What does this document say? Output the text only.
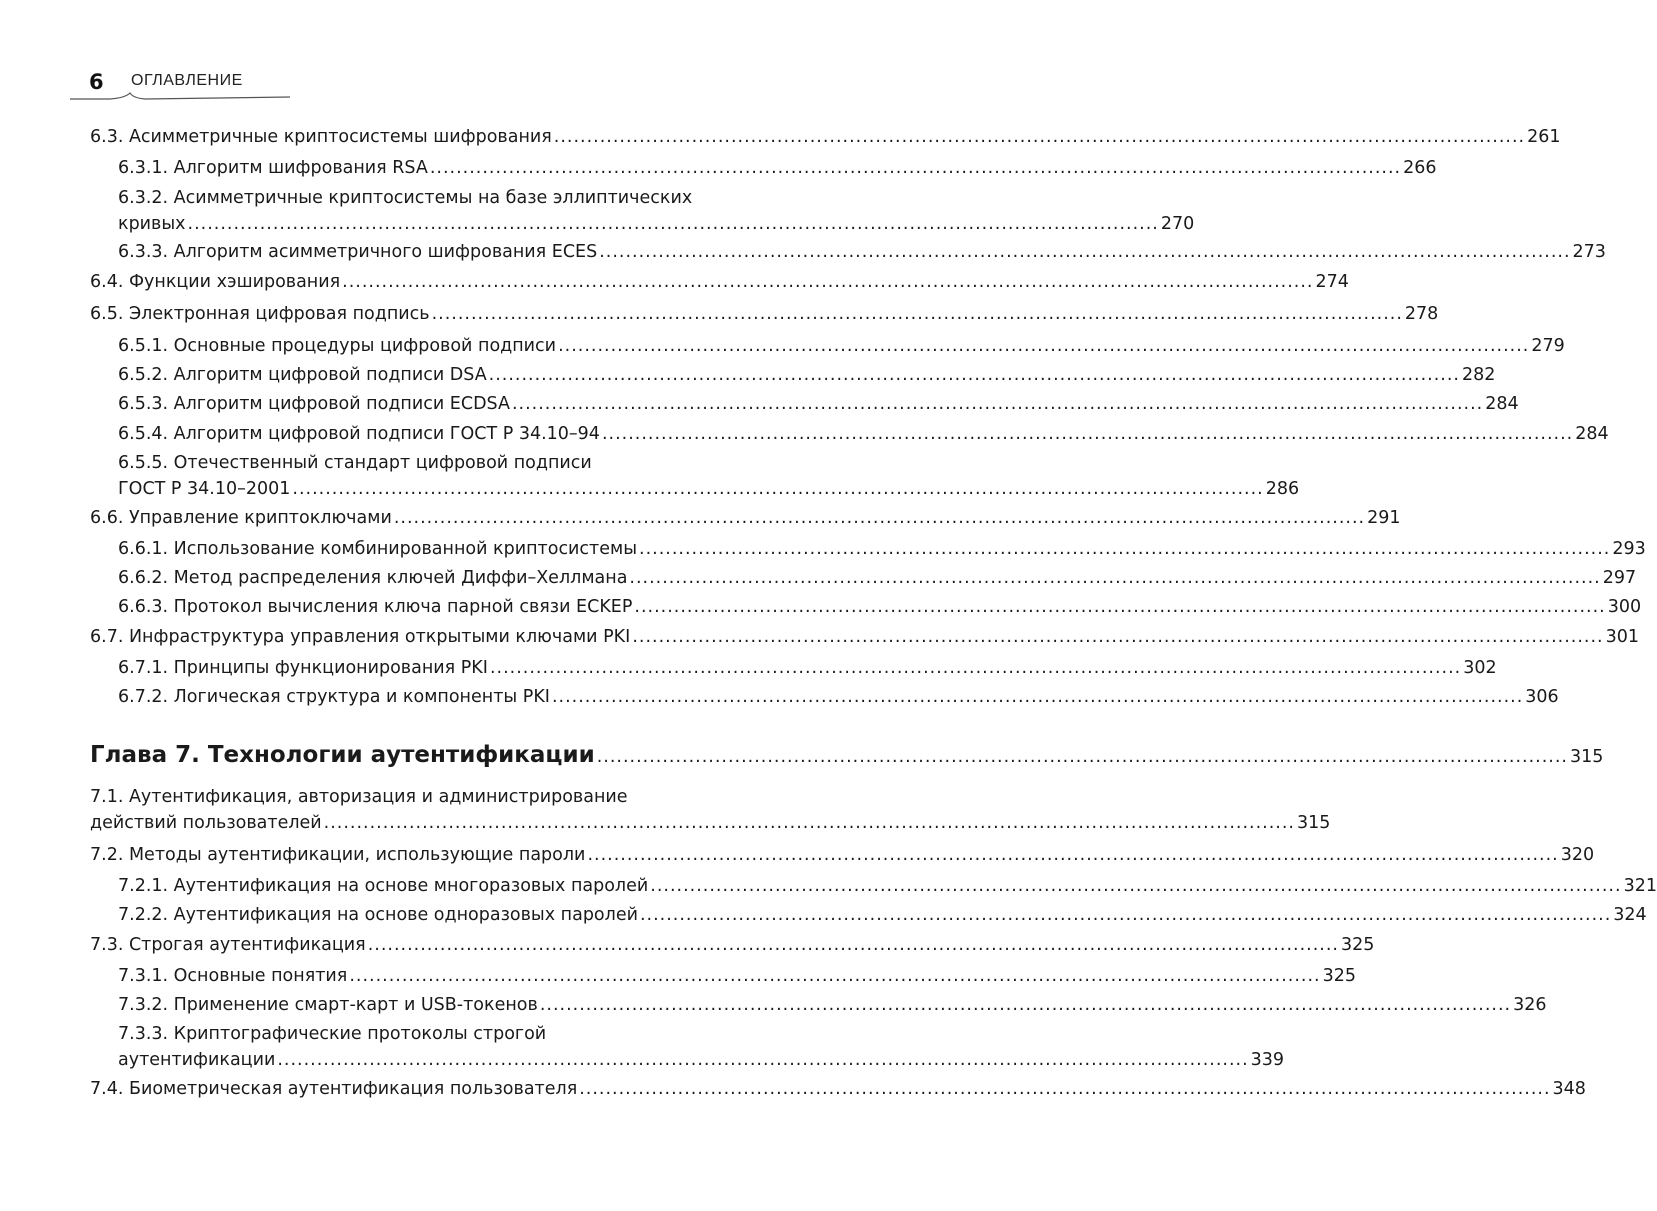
6 ОГЛАВЛЕНИЕ
6.3. Асимметричные криптосистемы шифрования .................................................................................................................................................... 261
6.3.1. Алгоритм шифрования RSA .................................................................................................................................................... 266
6.3.2. Асимметричные криптосистемы на базе эллиптических
кривых .................................................................................................................................................... 270
6.3.3. Алгоритм асимметричного шифрования ECES .................................................................................................................................................... 273
6.4. Функции хэширования .................................................................................................................................................... 274
6.5. Электронная цифровая подпись .................................................................................................................................................... 278
6.5.1. Основные процедуры цифровой подписи .................................................................................................................................................... 279
6.5.2. Алгоритм цифровой подписи DSA .................................................................................................................................................... 282
6.5.3. Алгоритм цифровой подписи ECDSA .................................................................................................................................................... 284
6.5.4. Алгоритм цифровой подписи ГОСТ Р 34.10–94 .................................................................................................................................................... 284
6.5.5. Отечественный стандарт цифровой подписи
ГОСТ Р 34.10–2001 .................................................................................................................................................... 286
6.6. Управление криптоключами .................................................................................................................................................... 291
6.6.1. Использование комбинированной криптосистемы .................................................................................................................................................... 293
6.6.2. Метод распределения ключей Диффи–Хеллмана .................................................................................................................................................... 297
6.6.3. Протокол вычисления ключа парной связи ECKEP .................................................................................................................................................... 300
6.7. Инфраструктура управления открытыми ключами PKI .................................................................................................................................................... 301
6.7.1. Принципы функционирования PKI .................................................................................................................................................... 302
6.7.2. Логическая структура и компоненты PKI .................................................................................................................................................... 306
Глава 7. Технологии аутентификации .................................................................................................................................................... 315
7.1. Аутентификация, авторизация и администрирование
действий пользователей .................................................................................................................................................... 315
7.2. Методы аутентификации, использующие пароли .................................................................................................................................................... 320
7.2.1. Аутентификация на основе многоразовых паролей .................................................................................................................................................... 321
7.2.2. Аутентификация на основе одноразовых паролей .................................................................................................................................................... 324
7.3. Строгая аутентификация .................................................................................................................................................... 325
7.3.1. Основные понятия .................................................................................................................................................... 325
7.3.2. Применение смарт-карт и USB-токенов .................................................................................................................................................... 326
7.3.3. Криптографические протоколы строгой
аутентификации .................................................................................................................................................... 339
7.4. Биометрическая аутентификация пользователя .................................................................................................................................................... 348
